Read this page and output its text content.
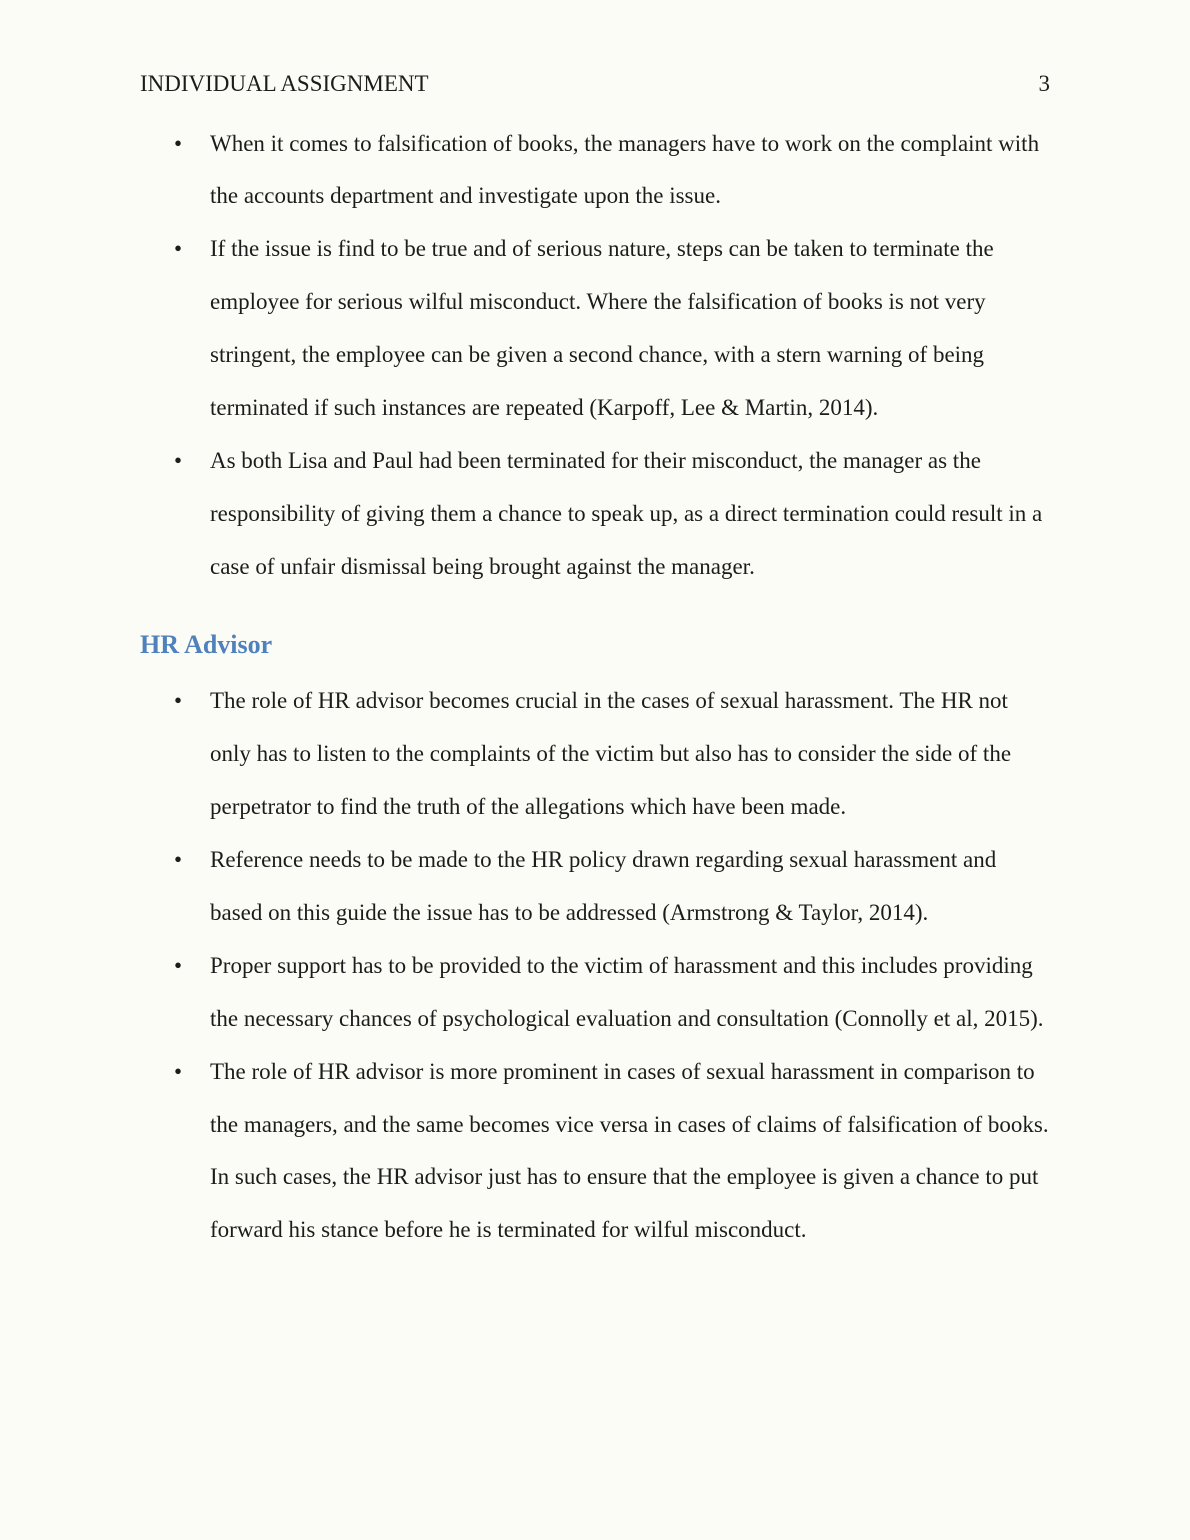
INDIVIDUAL ASSIGNMENT	3
• When it comes to falsification of books, the managers have to work on the complaint with the accounts department and investigate upon the issue.
• If the issue is find to be true and of serious nature, steps can be taken to terminate the employee for serious wilful misconduct. Where the falsification of books is not very stringent, the employee can be given a second chance, with a stern warning of being terminated if such instances are repeated (Karpoff, Lee & Martin, 2014).
• As both Lisa and Paul had been terminated for their misconduct, the manager as the responsibility of giving them a chance to speak up, as a direct termination could result in a case of unfair dismissal being brought against the manager.
HR Advisor
• The role of HR advisor becomes crucial in the cases of sexual harassment. The HR not only has to listen to the complaints of the victim but also has to consider the side of the perpetrator to find the truth of the allegations which have been made.
• Reference needs to be made to the HR policy drawn regarding sexual harassment and based on this guide the issue has to be addressed (Armstrong & Taylor, 2014).
• Proper support has to be provided to the victim of harassment and this includes providing the necessary chances of psychological evaluation and consultation (Connolly et al, 2015).
• The role of HR advisor is more prominent in cases of sexual harassment in comparison to the managers, and the same becomes vice versa in cases of claims of falsification of books. In such cases, the HR advisor just has to ensure that the employee is given a chance to put forward his stance before he is terminated for wilful misconduct.
